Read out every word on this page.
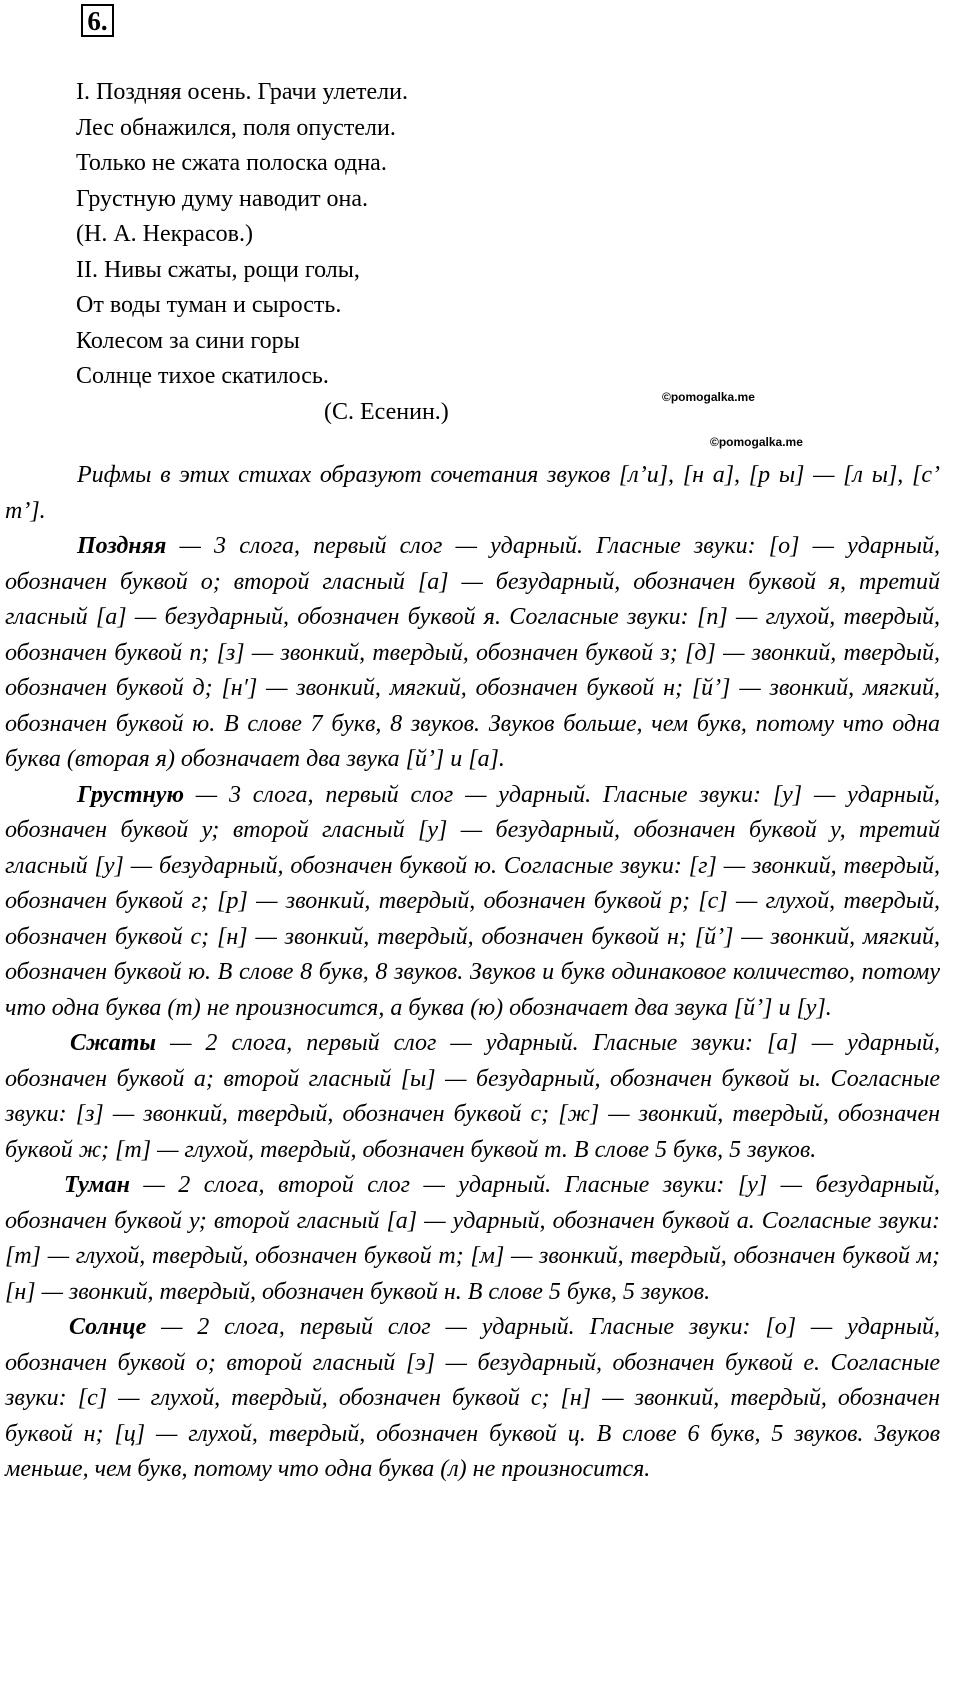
6.
I. Поздняя осень. Грачи улетели.
Лес обнажился, поля опустели.
Только не сжата полоска одна.
Грустную думу наводит она.
(Н. А. Некрасов.)
II. Нивы сжаты, рощи голы,
От воды туман и сырость.
Колесом за сини горы
Солнце тихое скатилось.
(С. Есенин.)
©pomogalka.me
©pomogalka.me

Рифмы в этих стихах образуют сочетания звуков [л’и], [н а], [р ы] — [л ы], [с’ т’].

Поздняя — 3 слога, первый слог — ударный. Гласные звуки: [о] — ударный, обозначен буквой о; второй гласный [а] — безударный, обозначен буквой я, третий гласный [а] — безударный, обозначен буквой я. Согласные звуки: [п] — глухой, твердый, обозначен буквой п; [з] — звонкий, твердый, обозначен буквой з; [д] — звонкий, твердый, обозначен буквой д; [н′] — звонкий, мягкий, обозначен буквой н; [й’] — звонкий, мягкий, обозначен буквой ю. В слове 7 букв, 8 звуков. Звуков больше, чем букв, потому что одна буква (вторая я) обозначает два звука [й’] и [а].

Грустную — 3 слога, первый слог — ударный. Гласные звуки: [у] — ударный, обозначен буквой у; второй гласный [у] — безударный, обозначен буквой у, третий гласный [у] — безударный, обозначен буквой ю. Согласные звуки: [г] — звонкий, твердый, обозначен буквой г; [р] — звонкий, твердый, обозначен буквой р; [с] — глухой, твердый, обозначен буквой с; [н] — звонкий, твердый, обозначен буквой н; [й’] — звонкий, мягкий, обозначен буквой ю. В слове 8 букв, 8 звуков. Звуков и букв одинаковое количество, потому что одна буква (т) не произносится, а буква (ю) обозначает два звука [й’] и [у].

Сжаты — 2 слога, первый слог — ударный. Гласные звуки: [а] — ударный, обозначен буквой а; второй гласный [ы] — безударный, обозначен буквой ы. Согласные звуки: [з] — звонкий, твердый, обозначен буквой с; [ж] — звонкий, твердый, обозначен буквой ж; [т] — глухой, твердый, обозначен буквой т. В слове 5 букв, 5 звуков.

Туман — 2 слога, второй слог — ударный. Гласные звуки: [у] — безударный, обозначен буквой у; второй гласный [а] — ударный, обозначен буквой а. Согласные звуки: [т] — глухой, твердый, обозначен буквой т; [м] — звонкий, твердый, обозначен буквой м; [н] — звонкий, твердый, обозначен буквой н. В слове 5 букв, 5 звуков.

Солнце — 2 слога, первый слог — ударный. Гласные звуки: [о] — ударный, обозначен буквой о; второй гласный [э] — безударный, обозначен буквой е. Согласные звуки: [с] — глухой, твердый, обозначен буквой с; [н] — звонкий, твердый, обозначен буквой н; [ц] — глухой, твердый, обозначен буквой ц. В слове 6 букв, 5 звуков. Звуков меньше, чем букв, потому что одна буква (л) не произносится.
